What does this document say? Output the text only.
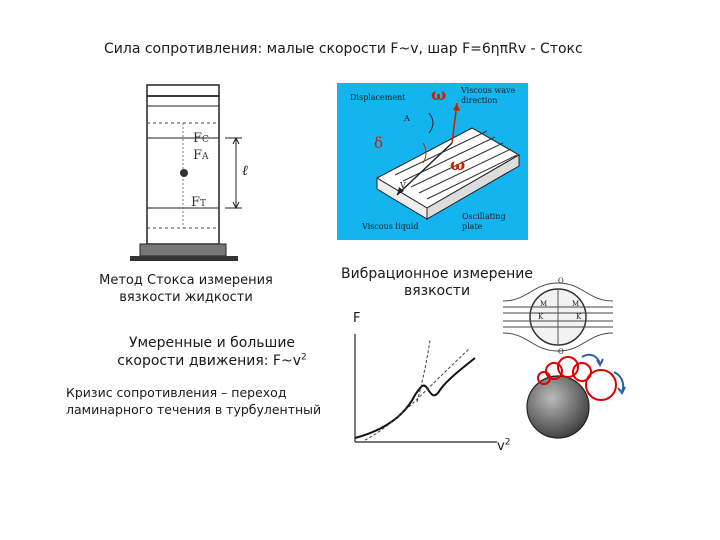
Сила сопротивления: малые скорости F~v, шар F=6ηπRv - Стокс
FC
FA
FT
ℓ
Метод Стокса измерения вязкости жидкости
Displacement
A
ω Viscous wave
direction
δ
ω
V
Oscillating
plate
Viscous liquid
Вибрационное измерение вязкости
Умеренные и большие
скорости движения: $F\sim v^2$
Кризис сопротивления – переход
ламинарного течения в турбулентный
F
$v^2$
O
O
M	M
K	K
